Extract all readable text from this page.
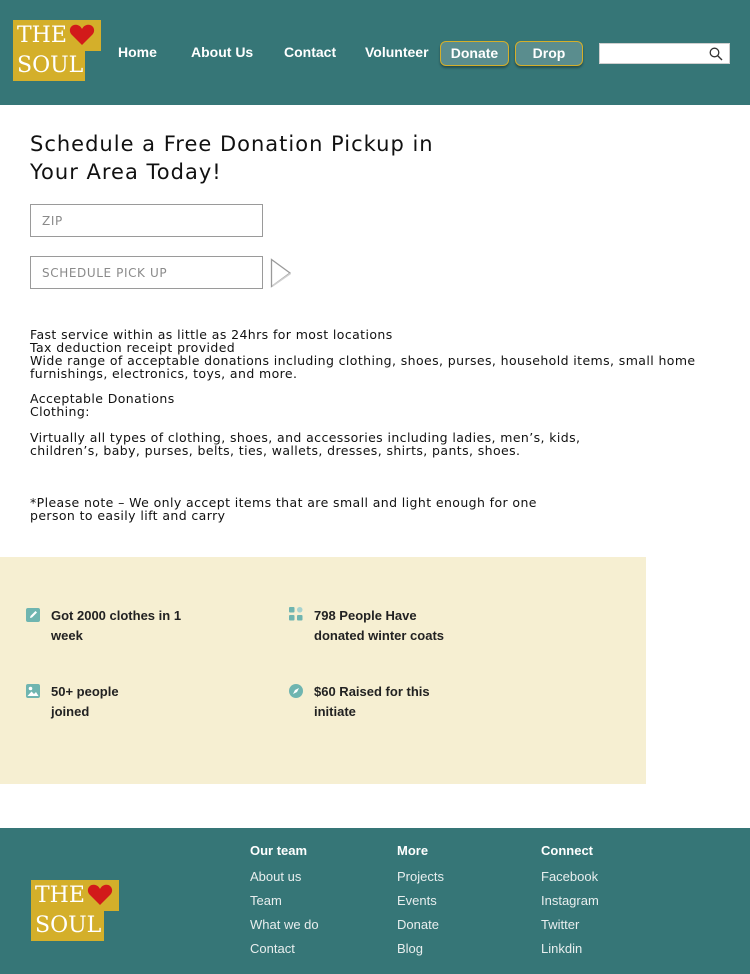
THE
SOUL
Home About Us Contact Volunteer	Donate	Drop
Schedule a Free Donation Pickup in Your Area Today!
ZIP
SCHEDULE PICK UP
Fast service within as little as 24hrs for most locations
Tax deduction receipt provided
Wide range of acceptable donations including clothing, shoes, purses, household items, small home furnishings, electronics, toys, and more.
Acceptable Donations
Clothing:
Virtually all types of clothing, shoes, and accessories including ladies, men’s, kids, children’s, baby, purses, belts, ties, wallets, dresses, shirts, pants, shoes.
*Please note – We only accept items that are small and light enough for one person to easily lift and carry
Got 2000 clothes in 1
week
798 People Have
donated winter coats
50+ people
joined
$60 Raised for this
initiate
THE
SOUL
Our team
About us
Team
What we do
Contact
More
Projects
Events
Donate
Blog
Connect
Facebook
Instagram
Twitter
Linkdin
